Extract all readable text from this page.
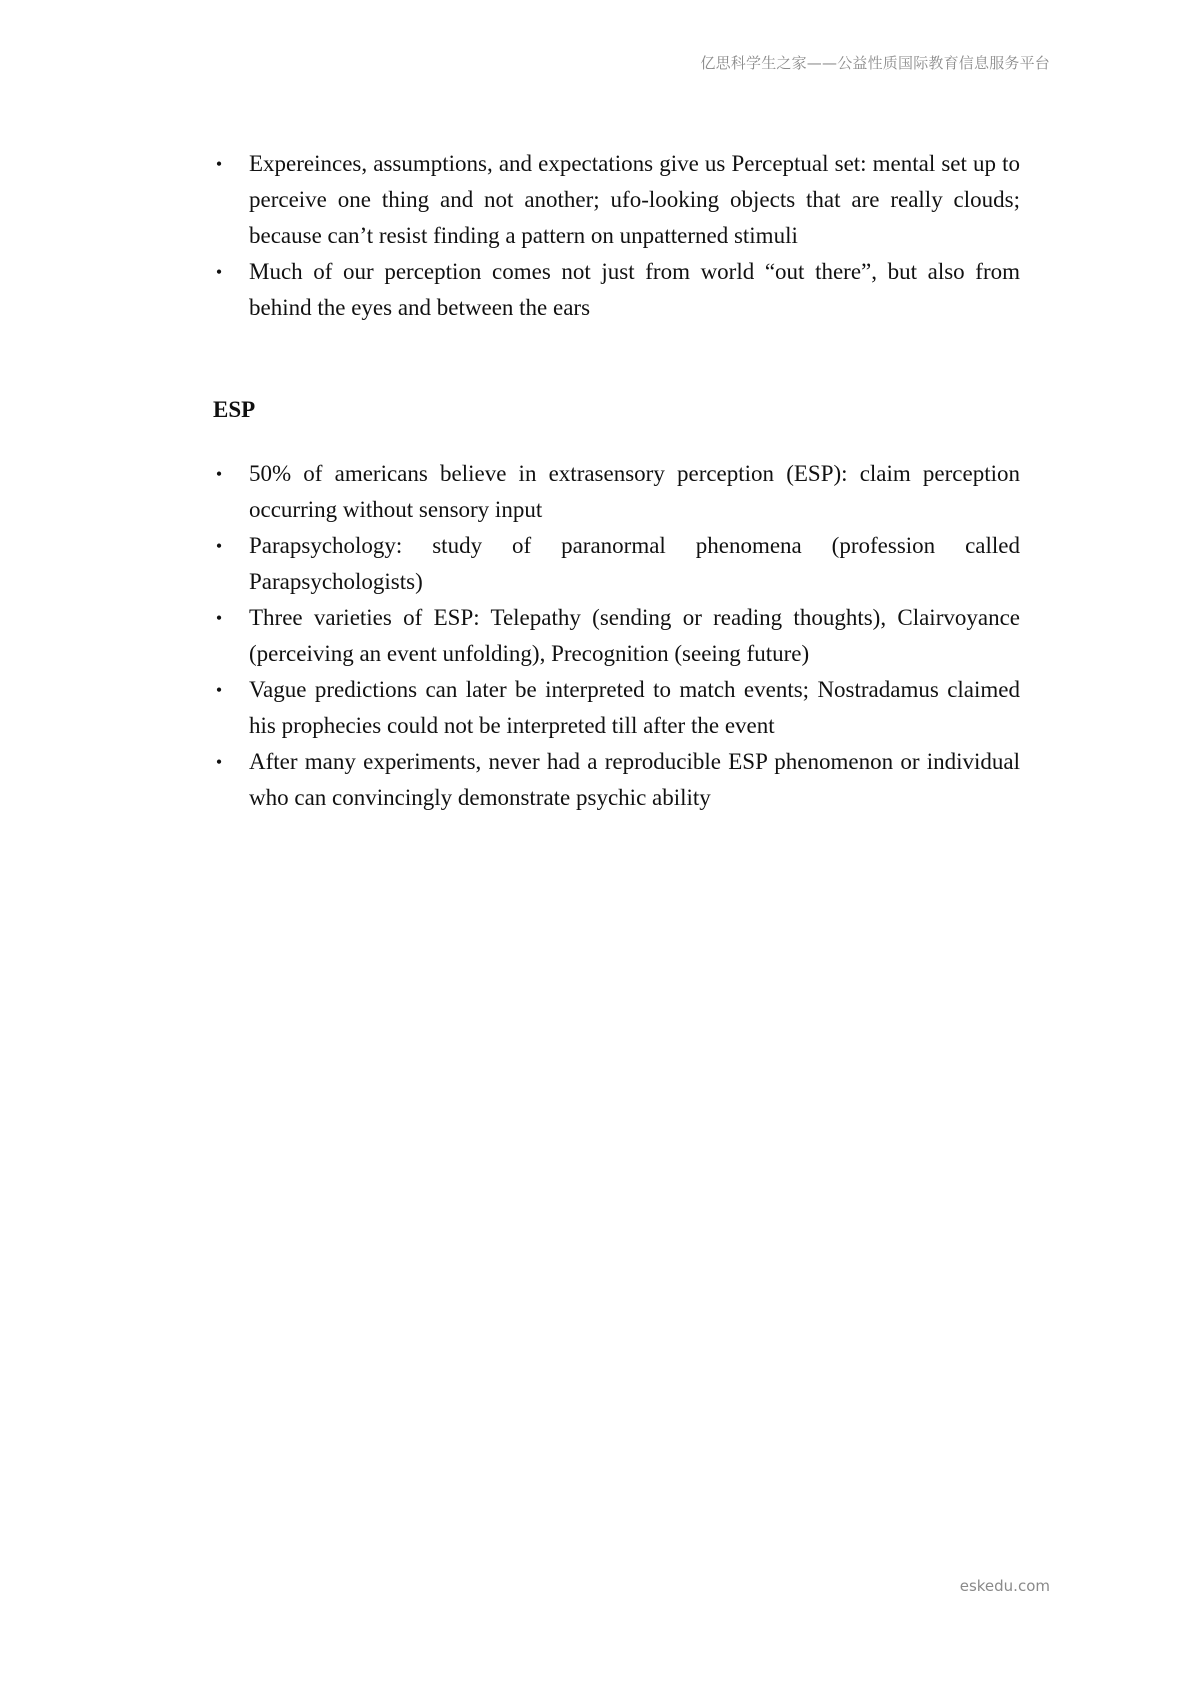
亿思科学生之家——公益性质国际教育信息服务平台
• Expereinces, assumptions, and expectations give us Perceptual set: mental set up to perceive one thing and not another; ufo-looking objects that are really clouds; because can’t resist finding a pattern on unpatterned stimuli
• Much of our perception comes not just from world “out there”, but also from behind the eyes and between the ears
ESP
• 50% of americans believe in extrasensory perception (ESP): claim perception occurring without sensory input
• Parapsychology: study of paranormal phenomena (profession called Parapsychologists)
• Three varieties of ESP: Telepathy (sending or reading thoughts), Clairvoyance (perceiving an event unfolding), Precognition (seeing future)
• Vague predictions can later be interpreted to match events; Nostradamus claimed his prophecies could not be interpreted till after the event
• After many experiments, never had a reproducible ESP phenomenon or individual who can convincingly demonstrate psychic ability
eskedu.com
